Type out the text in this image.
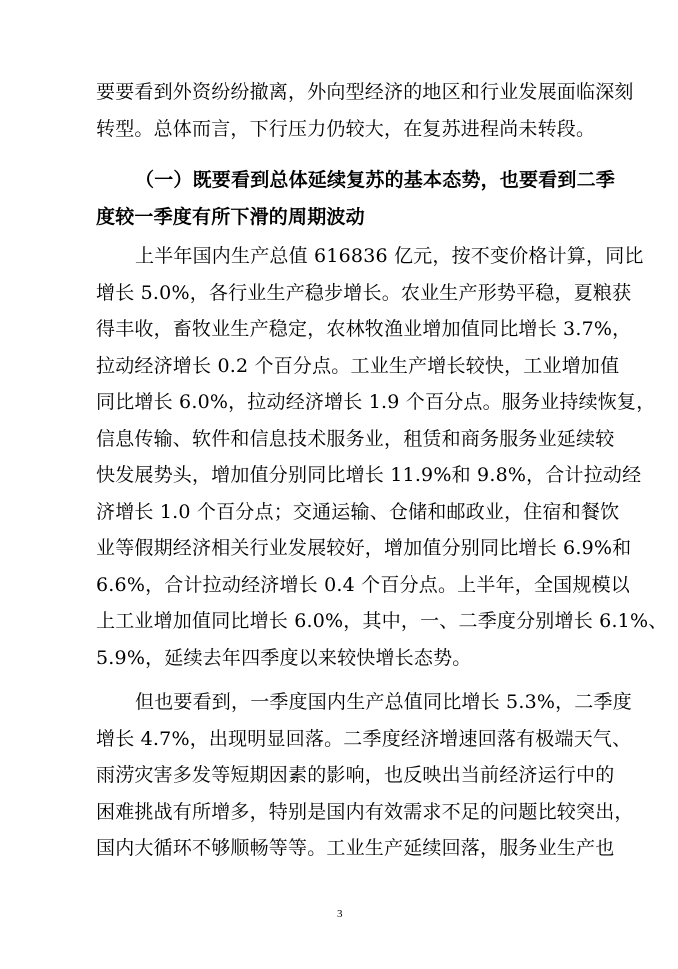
要要看到外资纷纷撤离，外向型经济的地区和行业发展面临深刻
转型。总体而言，下行压力仍较大，在复苏进程尚未转段。
（一）既要看到总体延续复苏的基本态势，也要看到二季
度较一季度有所下滑的周期波动
上半年国内生产总值 616836 亿元，按不变价格计算，同比
增长 5.0%，各行业生产稳步增长。农业生产形势平稳，夏粮获
得丰收，畜牧业生产稳定，农林牧渔业增加值同比增长 3.7%，
拉动经济增长 0.2 个百分点。工业生产增长较快，工业增加值
同比增长 6.0%，拉动经济增长 1.9 个百分点。服务业持续恢复，
信息传输、软件和信息技术服务业，租赁和商务服务业延续较
快发展势头，增加值分别同比增长 11.9%和 9.8%，合计拉动经
济增长 1.0 个百分点；交通运输、仓储和邮政业，住宿和餐饮
业等假期经济相关行业发展较好，增加值分别同比增长 6.9%和
6.6%，合计拉动经济增长 0.4 个百分点。上半年，全国规模以
上工业增加值同比增长 6.0%，其中，一、二季度分别增长 6.1%、
5.9%，延续去年四季度以来较快增长态势。
但也要看到，一季度国内生产总值同比增长 5.3%，二季度
增长 4.7%，出现明显回落。二季度经济增速回落有极端天气、
雨涝灾害多发等短期因素的影响，也反映出当前经济运行中的
困难挑战有所增多，特别是国内有效需求不足的问题比较突出，
国内大循环不够顺畅等等。工业生产延续回落，服务业生产也
3
